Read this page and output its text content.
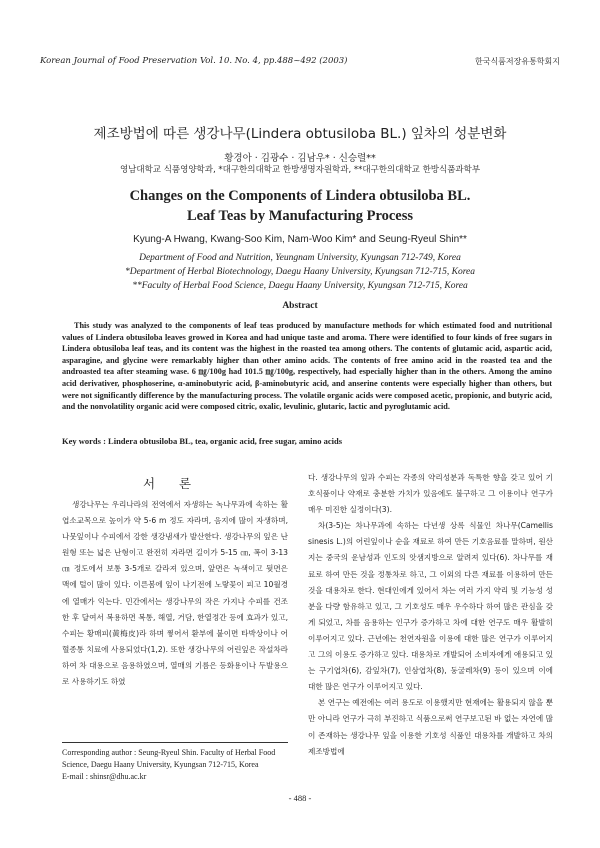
Korean Journal of Food Preservation Vol. 10. No. 4, pp.488~492 (2003)	한국식품저장유통학회지
제조방법에 따른 생강나무(Lindera obtusiloba BL.) 잎차의 성분변화
황경아 · 김광수 · 김남우* · 신승렬**
영남대학교 식품영양학과, *대구한의대학교 한방생명자원학과, **대구한의대학교 한방식품과학부
Changes on the Components of Lindera obtusiloba BL.
Leaf Teas by Manufacturing Process
Kyung-A Hwang, Kwang-Soo Kim, Nam-Woo Kim* and Seung-Ryeul Shin**
Department of Food and Nutrition, Yeungnam University, Kyungsan 712-749, Korea
*Department of Herbal Biotechnology, Daegu Haany University, Kyungsan 712-715, Korea
**Faculty of Herbal Food Science, Daegu Haany University, Kyungsan 712-715, Korea
Abstract
This study was analyzed to the components of leaf teas produced by manufacture methods for which estimated food and nutritional values of Lindera obtusiloba leaves growed in Korea and had unique taste and aroma. There were identified to four kinds of free sugars in Lindera obtusiloba leaf teas, and its content was the highest in the roasted tea among others. The contents of glutamic acid, aspartic acid, asparagine, and glycine were remarkably higher than other amino acids. The contents of free amino acid in the roasted tea and the androasted tea after steaming wase. 6 ㎎/100g had 101.5 ㎎/100g, respectively, had especially higher than in the others. Among the amino acid derivativer, phosphoserine, α-aminobutyric acid, β-aminobutyric acid, and anserine contents were especially higher than others, but were not significantly difference by the manufacturing process. The volatile organic acids were composed acetic, propionic, and butyric acid, and the nonvolatility organic acid were composed citric, oxalic, levulinic, glutaric, lactic and pyroglutamic acid.
Key words : Lindera obtusiloba BL, tea, organic acid, free sugar, amino acids
서 론

생강나무는 우리나라의 전역에서 자생하는 녹나무과에 속하는 활엽소교목으로 높이가 약 5-6 m 정도 자라며, 음지에 많이 자생하며, 나뭇잎이나 수피에서 강한 생강냄새가 발산한다. 생강나무의 잎은 난원형 또는 넓은 난형이고 완전히 자라면 길이가 5-15 ㎝, 폭이 3-13㎝ 정도에서 보통 3-5개로 갈라져 있으며, 앞면은 녹색이고 뒷면은 맥에 털이 많이 있다. 이른봄에 잎이 나기전에 노랗꽃이 피고 10월경에 열매가 익는다. 민간에서는 생강나무의 작은 가지나 수피를 건조한 후 달여서 복용하면 복통, 해열, 거담, 한열정간 등에 효과가 있고, 수피는 황매피(黃梅皮)라 하며 찧어서 환부에 붙이면 타박상이나 어혈종통 치료에 사용되었다(1,2). 또한 생강나무의 어린잎은 작설차라하여 차 대용으로 음용하였으며, 열매의 기름은 등화용이나 두발용으로 사용하기도 하였

다. 생강나무의 잎과 수피는 각종의 약리성분과 독특한 향을 갖고 있어 기호식품이나 약재로 충분한 가치가 있음에도 불구하고 그 이용이나 연구가 매우 미진한 실정이다(3).

차(3-5)는 차나무과에 속하는 다년생 상록 식물인 차나무(Camellis sinesis L.)의 어린잎이나 순을 재료로 하여 만든 기호음료를 말하며, 원산지는 중국의 운남성과 인도의 앗샘지방으로 알려져 있다(6). 차나무를 재료로 하여 만든 것을 정통차로 하고, 그 이외의 다른 재료를 이용하여 만든 것을 대용차로 한다. 현대인에게 있어서 차는 여러 가지 약리 및 기능성 성분을 다량 함유하고 있고, 그 기호성도 매우 우수하다 하여 많은 관심을 갖게 되었고, 차를 음용하는 인구가 증가하고 차에 대한 연구도 매우 활발히 이루어지고 있다. 근년에는 천연자원을 이용에 대한 많은 연구가 이루어지고 그의 이용도 증가하고 있다. 대용차로 개발되어 소비자에게 애용되고 있는 구기엽차(6), 감잎차(7), 인삼엽차(8), 둥굴레차(9) 등이 있으며 이에 대한 많은 연구가 이루어지고 있다.

본 연구는 예전에는 여러 용도로 이용했지만 현재에는 활용되지 않을 뿐만 아니라 연구가 극히 부진하고 식품으로써 연구보고된 바 없는 자연에 많이 존재하는 생강나무 잎을 이용한 기호성 식품인 대용차를 개발하고 차의 제조방법에

Corresponding author : Seung-Ryeul Shin. Faculty of Herbal Food Science, Daegu Haany University, Kyungsan 712-715, Korea
E-mail : shinsr@dhu.ac.kr
- 488 -
